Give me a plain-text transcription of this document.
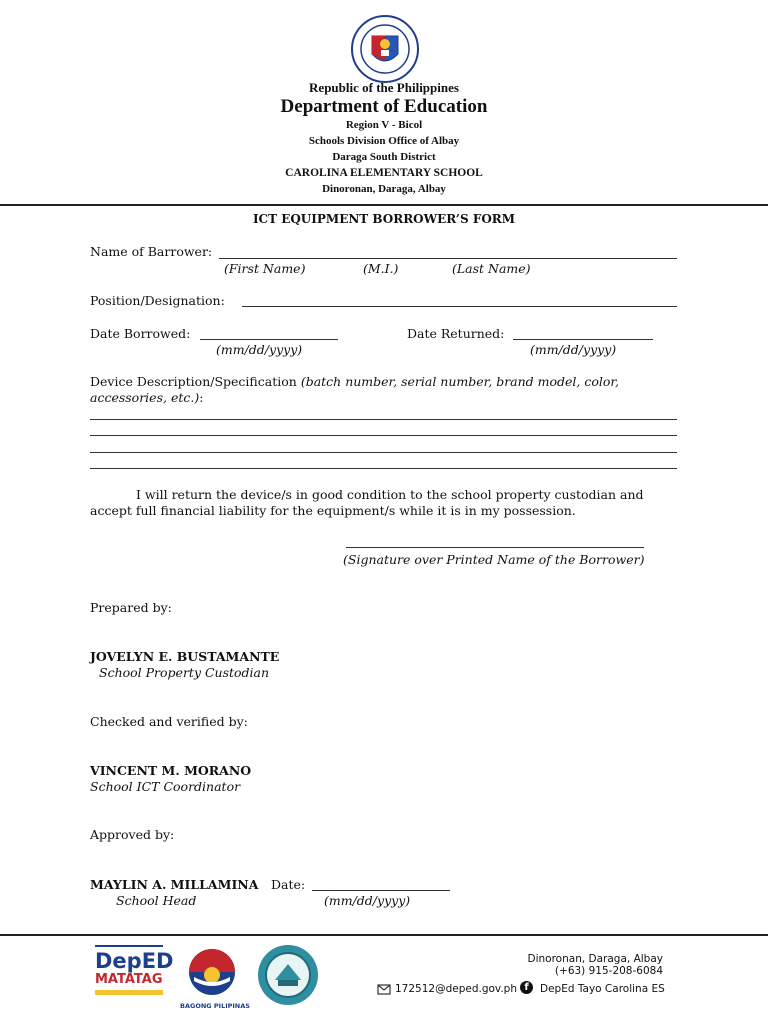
Republic of the Philippines
Department of Education
Region V - Bicol
Schools Division Office of Albay
Daraga South District
CAROLINA ELEMENTARY SCHOOL
Dinoronan, Daraga, Albay
ICT EQUIPMENT BORROWER’S FORM
Name of Barrower:
(First Name)	(M.I.)	(Last Name)
Position/Designation:
Date Borrowed:
(mm/dd/yyyy)
Date Returned:
(mm/dd/yyyy)
Device Description/Specification (batch number, serial number, brand model, color,
accessories, etc.):
I will return the device/s in good condition to the school property custodian and
accept full financial liability for the equipment/s while it is in my possession.
(Signature over Printed Name of the Borrower)
Prepared by:
JOVELYN E. BUSTAMANTE
School Property Custodian
Checked and verified by:
VINCENT M. MORANO
School ICT Coordinator
Approved by:
MAYLIN A. MILLAMINA Date:
School Head	(mm/dd/yyyy)
DepED
MATATAG
BAGONG PILIPINAS
Dinoronan, Daraga, Albay
(+63) 915-208-6084
172512@deped.gov.ph f	DepEd Tayo Carolina ES
